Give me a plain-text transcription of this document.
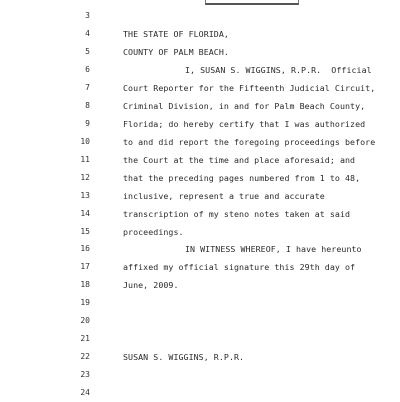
3
4	THE STATE OF FLORIDA,
5	COUNTY OF PALM BEACH.
6	I, SUSAN S. WIGGINS, R.P.R.  Official
7	Court Reporter for the Fifteenth Judicial Circuit,
8	Criminal Division, in and for Palm Beach County,
9	Florida; do hereby certify that I was authorized
10	to and did report the foregoing proceedings before
11	the Court at the time and place aforesaid; and
12	that the preceding pages numbered from 1 to 48,
13	inclusive, represent a true and accurate
14	transcription of my steno notes taken at said
15	proceedings.
16	IN WITNESS WHEREOF, I have hereunto
17	affixed my official signature this 29th day of
18	June, 2009.
19
20
21
22	SUSAN S. WIGGINS, R.P.R.
23
24
